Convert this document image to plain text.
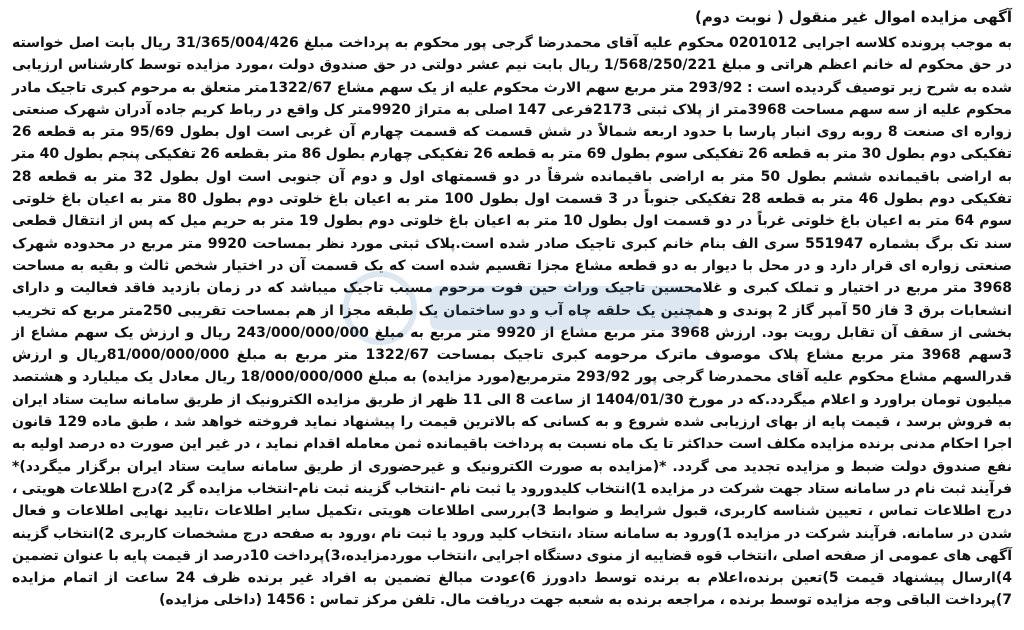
آگهی مزایده اموال غیر منقول ( نوبت دوم)

به موجب پرونده کلاسه اجرایی 0201012 محکوم علیه آقای محمدرضا گرجی پور محکوم به پرداخت مبلغ 31/365/004/426 ریال بابت اصل خواسته در حق محکوم له خانم اعظم هراتی و مبلغ 1/568/250/221 ریال بابت نیم عشر دولتی در حق صندوق دولت ،مورد مزایده توسط کارشناس ارزیابی شده به شرح زیر توصیف گردیده است : 293/92 متر مربع سهم الارث محکوم علیه از یک سهم مشاع 1322/67متر متعلق به مرحوم کبری تاجیک مادر محکوم علیه از سه سهم مساحت 3968متر از پلاک ثبتی 2173فرعی 147 اصلی به متراژ 9920متر کل واقع در رباط کریم جاده آدران شهرک صنعتی زواره ای صنعت 8 روبه روی انبار پارسا با حدود اربعه شمالاً در شش قسمت که قسمت چهارم آن غربی است اول بطول 95/69 متر به قطعه 26 تفکیکی دوم بطول 30 متر به قطعه 26 تفکیکی سوم بطول 69 متر به قطعه 26 تفکیکی چهارم بطول 86 متر بقطعه 26 تفکیکی پنجم بطول 40 متر به اراضی باقیمانده ششم بطول 50 متر به اراضی باقیمانده شرقاً در دو قسمتهای اول و دوم آن جنوبی است اول بطول 32 متر به قطعه 28 تفکیکی دوم بطول 46 متر به قطعه 28 تفکیکی جنوباً در 3 قسمت اول بطول 100 متر به اعیان باغ خلوتی دوم بطول 80 متر به اعیان باغ خلوتی سوم 64 متر به اعیان باغ خلوتی غرباً در دو قسمت اول بطول 10 متر به اعیان باغ خلوتی دوم بطول 19 متر به حریم میل که پس از انتقال قطعی سند تک برگ بشماره 551947 سری الف بنام خانم کبری تاجیک صادر شده است.پلاک ثبتی مورد نظر بمساحت 9920 متر مربع در محدوده شهرک صنعتی زواره ای قرار دارد و در محل با دیوار به دو قطعه مشاع مجزا تقسیم شده است که یک قسمت آن در اختیار شخص ثالث و بقیه به مساحت 3968 متر مربع در اختیار و تملک کبری و غلامحسین تاجیک وراث حین فوت مرحوم مسبب تاجیک میباشد که در زمان بازدید فاقد فعالیت و دارای انشعابات برق 3 فاز 50 آمپر گاز 2 پوندی و همچنین یک حلقه چاه آب و دو ساختمان یک طبقه مجزا از هم بمساحت تقریبی 250متر مربع که تخریب بخشی از سقف آن تقابل رویت بود. ارزش 3968 متر مربع مشاع از 9920 متر مربع به مبلغ 243/000/000/000 ریال و ارزش یک سهم مشاع از 3سهم 3968 متر مربع مشاع پلاک موصوف ماترک مرحومه کبری تاجیک بمساحت 1322/67 متر مربع به مبلغ 81/000/000/000ریال و ارزش قدرالسهم مشاع محکوم علیه آقای محمدرضا گرجی پور 293/92 مترمربع(مورد مزایده) به مبلغ 18/000/000/000 ریال معادل یک میلیارد و هشتصد میلیون تومان براورد و اعلام میگردد.که در مورخ 1404/01/30 از ساعت 8 الی 11 ظهر از طریق مزایده الکترونیک از طریق سامانه سایت ستاد ایران به فروش برسد ، قیمت پایه از بهای ارزیابی شده شروع و به کسانی که بالاترین قیمت را پیشنهاد نماید فروخته خواهد شد ، طبق ماده 129 قانون اجرا احکام مدنی برنده مزایده مکلف است حداکثر تا یک ماه نسبت به پرداخت باقیمانده ثمن معامله اقدام نماید ، در غیر این صورت ده درصد اولیه به نفع صندوق دولت ضبط و مزایده تجدید می گردد. *(مزایده به صورت الکترونیک و غیرحضوری از طریق سامانه سایت ستاد ایران برگزار میگردد)* فرآیند ثبت نام در سامانه ستاد جهت شرکت در مزایده 1)انتخاب کلیدورود یا ثبت نام -انتخاب گزینه ثبت نام-انتخاب مزایده گر 2)درج اطلاعات هویتی ، درج اطلاعات تماس ، تعیین شناسه کاربری، قبول شرایط و ضوابط 3)بررسی اطلاعات هویتی ،تکمیل سایر اطلاعات ،تایید نهایی اطلاعات و فعال شدن در سامانه. فرآیند شرکت در مزایده 1)ورود به سامانه ستاد ،انتخاب کلید ورود یا ثبت نام ،ورود به صفحه درج مشخصات کاربری 2)انتخاب گزینه آگهی های عمومی از صفحه اصلی ،انتخاب قوه قضاییه از منوی دستگاه اجرایی ،انتخاب موردمزایده،3)پرداخت 10درصد از قیمت پایه با عنوان تضمین 4)ارسال پیشنهاد قیمت 5)تعین برنده،اعلام به برنده توسط دادورز 6)عودت مبالغ تضمین به افراد غیر برنده ظرف 24 ساعت از اتمام مزایده 7)پرداخت الباقی وجه مزایده توسط برنده ، مراجعه برنده به شعبه جهت دریافت مال. تلفن مرکز تماس : 1456 (داخلی مزایده)
